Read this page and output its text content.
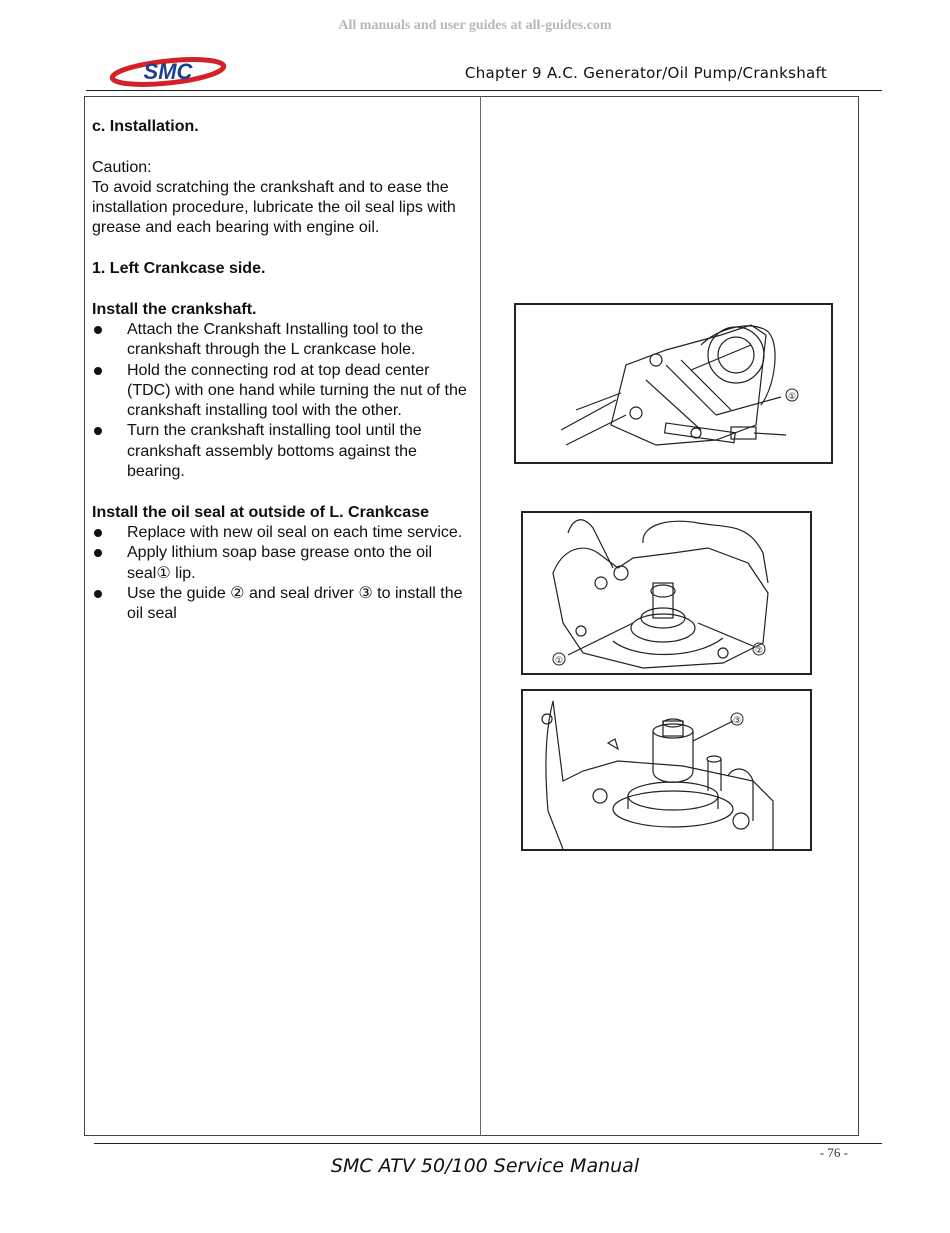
All manuals and user guides at all-guides.com
SMC	Chapter 9 A.C. Generator/Oil Pump/Crankshaft

c. Installation.

Caution:

To avoid scratching the crankshaft and to ease the installation procedure, lubricate the oil seal lips with grease and each bearing with engine oil.

1. Left Crankcase side.

Install the crankshaft.

Attach the Crankshaft Installing tool to the crankshaft through the L crankcase hole.
Hold the connecting rod at top dead center (TDC) with one hand while turning the nut of the crankshaft installing tool with the other.
Turn the crankshaft installing tool until the crankshaft assembly bottoms against the bearing.

Install the oil seal at outside of L. Crankcase

Replace with new oil seal on each time service.
Apply lithium soap base grease onto the oil seal① lip.
Use the guide ② and seal driver ③ to install the oil seal
①
①
②
③
- 76 -
SMC ATV 50/100 Service Manual
